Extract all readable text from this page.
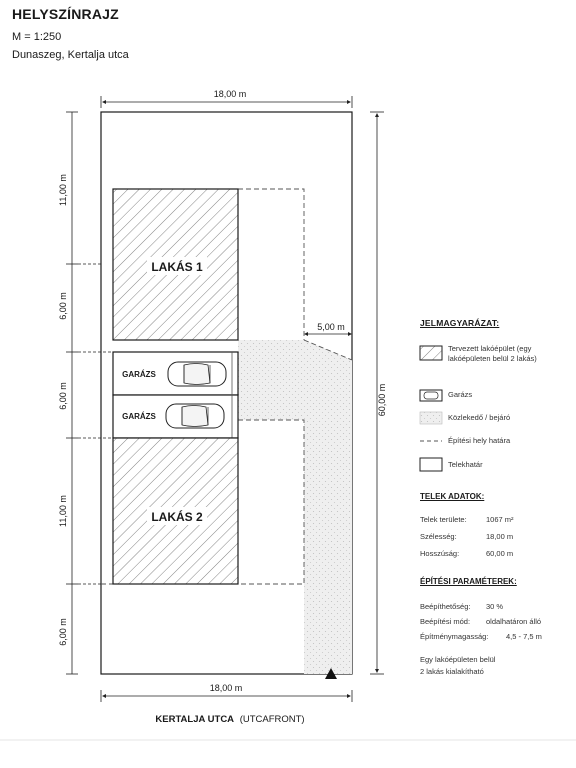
HELYSZÍNRAJZ
M = 1:250
Dunaszeg, Kertalja utca
LAKÁS 1
GARÁZS
GARÁZS
LAKÁS 2
18,00 m
18,00 m
60,00 m
11,00 m
6,00 m
6,00 m
11,00 m
6,00 m
5,00 m
KERTALJA UTCA (UTCAFRONT)
JELMAGYARÁZAT:
Tervezett lakóépület (egy lakóépületen belül 2 lakás)
Garázs
Közlekedő / bejáró
Építési hely határa
Telekhatár
TELEK ADATOK:
Telek területe:	1067 m²
Szélesség:	18,00 m
Hosszúság:	60,00 m
ÉPÍTÉSI PARAMÉTEREK:
Beépíthetőség: 30 %
Beépítési mód: oldalhatáron álló
Építménymagasság: 4,5 - 7,5 m
Egy lakóépületen belül
2 lakás kialakítható
